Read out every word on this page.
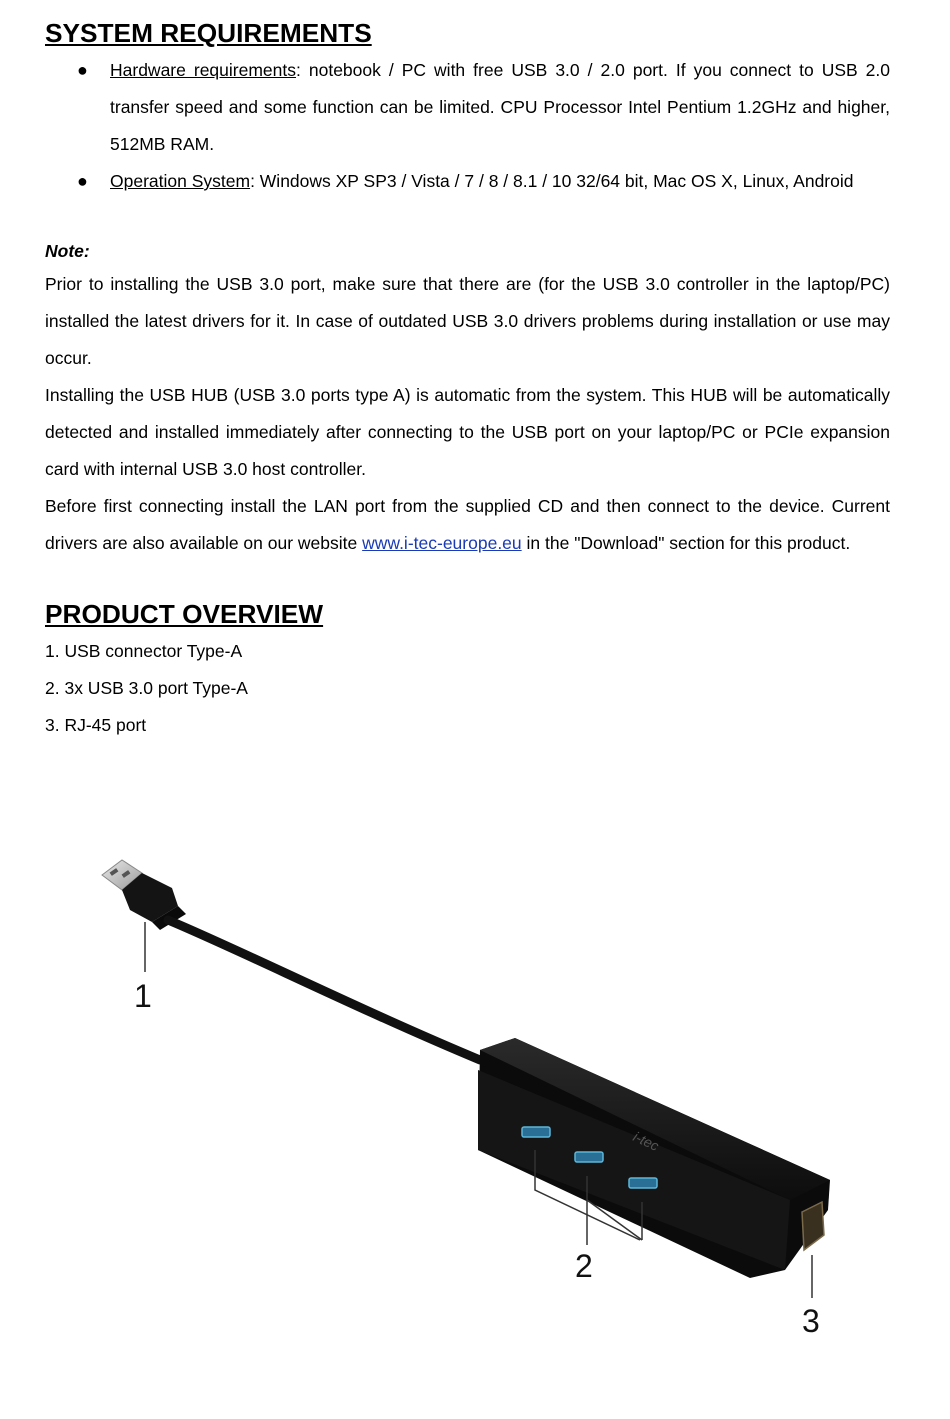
SYSTEM REQUIREMENTS
● Hardware requirements: notebook / PC with free USB 3.0 / 2.0 port. If you connect to USB 2.0 transfer speed and some function can be limited. CPU Processor Intel Pentium 1.2GHz and higher, 512MB RAM.
● Operation System: Windows XP SP3 / Vista / 7 / 8 / 8.1 / 10 32/64 bit, Mac OS X, Linux, Android
Note:

Prior to installing the USB 3.0 port, make sure that there are (for the USB 3.0 controller in the laptop/PC) installed the latest drivers for it. In case of outdated USB 3.0 drivers problems during installation or use may occur.

Installing the USB HUB (USB 3.0 ports type A) is automatic from the system. This HUB will be automatically detected and installed immediately after connecting to the USB port on your laptop/PC or PCIe expansion card with internal USB 3.0 host controller.

Before first connecting install the LAN port from the supplied CD and then connect to the device. Current drivers are also available on our website www.i-tec-europe.eu in the "Download" section for this product.

PRODUCT OVERVIEW
1. USB connector Type-A
2. 3x USB 3.0 port Type-A
3. RJ-45 port
i-tec
1
2
3
